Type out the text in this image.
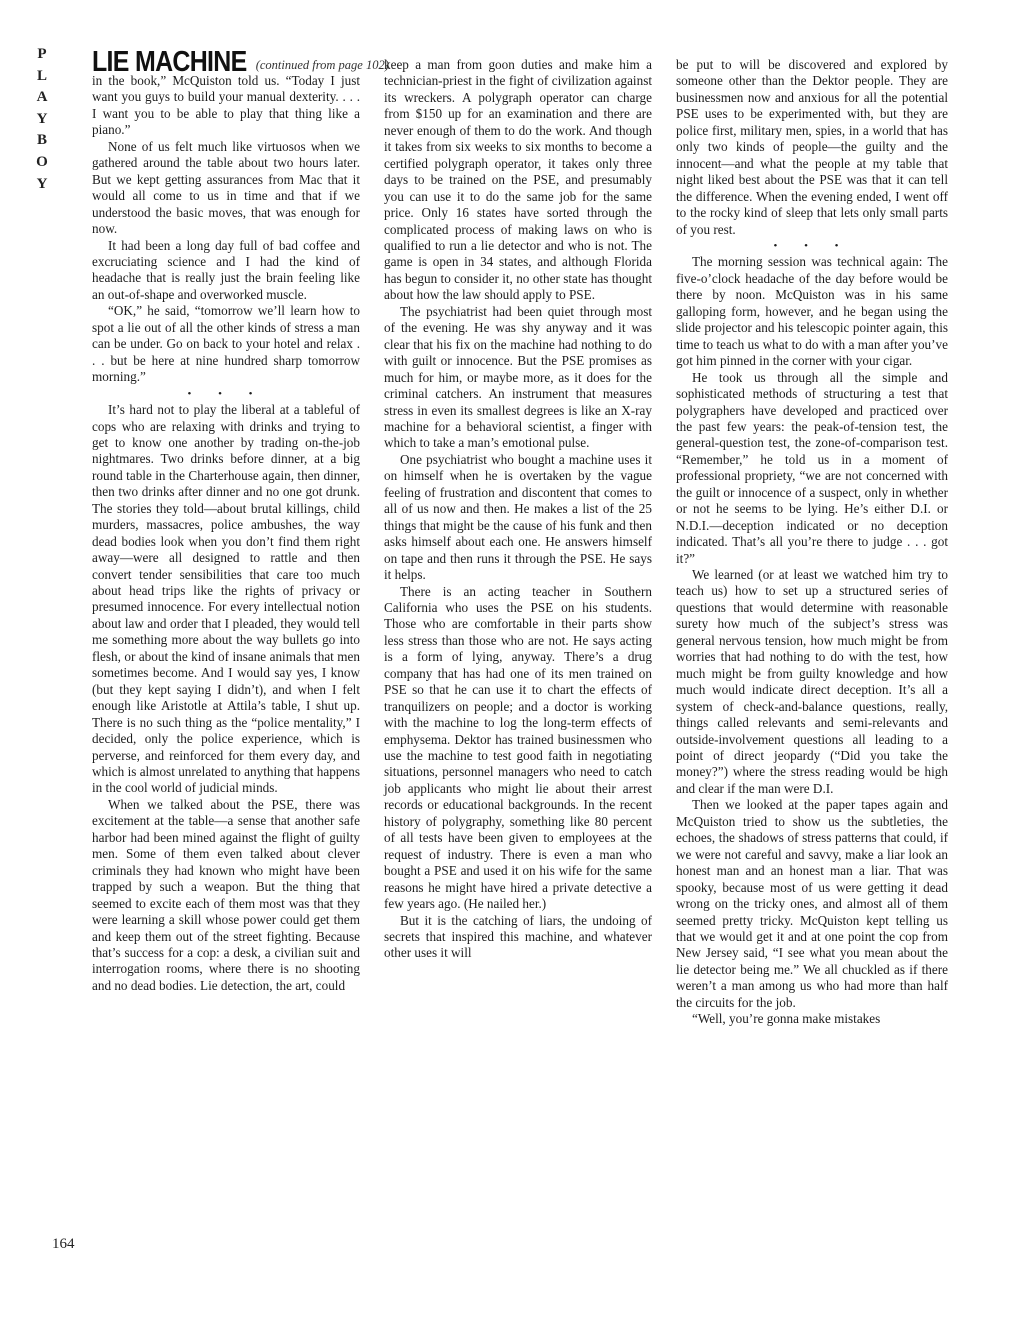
P
L
A
Y
B
O
Y
LIE MACHINE (continued from page 102)

in the book,” McQuiston told us. “Today I just want you guys to build your manual dexterity. . . . I want you to be able to play that thing like a piano.”

None of us felt much like virtuosos when we gathered around the table about two hours later. But we kept getting assurances from Mac that it would all come to us in time and that if we understood the basic moves, that was enough for now.

It had been a long day full of bad coffee and excruciating science and I had the kind of headache that is really just the brain feeling like an out-of-shape and overworked muscle.

“OK,” he said, “tomorrow we’ll learn how to spot a lie out of all the other kinds of stress a man can be under. Go on back to your hotel and relax . . . but be here at nine hundred sharp tomorrow morning.”

• • •

It’s hard not to play the liberal at a tableful of cops who are relaxing with drinks and trying to get to know one another by trading on-the-job nightmares. Two drinks before dinner, at a big round table in the Charterhouse again, then dinner, then two drinks after dinner and no one got drunk. The stories they told—about brutal killings, child murders, massacres, police ambushes, the way dead bodies look when you don’t find them right away—were all designed to rattle and then convert tender sensibilities that care too much about head trips like the rights of privacy or presumed innocence. For every intellectual notion about law and order that I pleaded, they would tell me something more about the way bullets go into flesh, or about the kind of insane animals that men sometimes become. And I would say yes, I know (but they kept saying I didn’t), and when I felt enough like Aristotle at Attila’s table, I shut up. There is no such thing as the “police mentality,” I decided, only the police experience, which is perverse, and reinforced for them every day, and which is almost unrelated to anything that happens in the cool world of judicial minds.

When we talked about the PSE, there was excitement at the table—a sense that another safe harbor had been mined against the flight of guilty men. Some of them even talked about clever criminals they had known who might have been trapped by such a weapon. But the thing that seemed to excite each of them most was that they were learning a skill whose power could get them and keep them out of the street fighting. Because that’s success for a cop: a desk, a civilian suit and interrogation rooms, where there is no shooting and no dead bodies. Lie detection, the art, could

keep a man from goon duties and make him a technician-priest in the fight of civilization against its wreckers. A polygraph operator can charge from $150 up for an examination and there are never enough of them to do the work. And though it takes from six weeks to six months to become a certified polygraph operator, it takes only three days to be trained on the PSE, and presumably you can use it to do the same job for the same price. Only 16 states have sorted through the complicated process of making laws on who is qualified to run a lie detector and who is not. The game is open in 34 states, and although Florida has begun to consider it, no other state has thought about how the law should apply to PSE.

The psychiatrist had been quiet through most of the evening. He was shy anyway and it was clear that his fix on the machine had nothing to do with guilt or innocence. But the PSE promises as much for him, or maybe more, as it does for the criminal catchers. An instrument that measures stress in even its smallest degrees is like an X-ray machine for a behavioral scientist, a finger with which to take a man’s emotional pulse.

One psychiatrist who bought a machine uses it on himself when he is overtaken by the vague feeling of frustration and discontent that comes to all of us now and then. He makes a list of the 25 things that might be the cause of his funk and then asks himself about each one. He answers himself on tape and then runs it through the PSE. He says it helps.

There is an acting teacher in Southern California who uses the PSE on his students. Those who are comfortable in their parts show less stress than those who are not. He says acting is a form of lying, anyway. There’s a drug company that has had one of its men trained on PSE so that he can use it to chart the effects of tranquilizers on people; and a doctor is working with the machine to log the long-term effects of emphysema. Dektor has trained businessmen who use the machine to test good faith in negotiating situations, personnel managers who need to catch job applicants who might lie about their arrest records or educational backgrounds. In the recent history of polygraphy, something like 80 percent of all tests have been given to employees at the request of industry. There is even a man who bought a PSE and used it on his wife for the same reasons he might have hired a private detective a few years ago. (He nailed her.)

But it is the catching of liars, the undoing of secrets that inspired this machine, and whatever other uses it will

be put to will be discovered and explored by someone other than the Dektor people. They are businessmen now and anxious for all the potential PSE uses to be experimented with, but they are police first, military men, spies, in a world that has only two kinds of people—the guilty and the innocent—and what the people at my table that night liked best about the PSE was that it can tell the difference. When the evening ended, I went off to the rocky kind of sleep that lets only small parts of you rest.

• • •

The morning session was technical again: The five-o’clock headache of the day before would be there by noon. McQuiston was in his same galloping form, however, and he began using the slide projector and his telescopic pointer again, this time to teach us what to do with a man after you’ve got him pinned in the corner with your cigar.

He took us through all the simple and sophisticated methods of structuring a test that polygraphers have developed and practiced over the past few years: the peak-of-tension test, the general-question test, the zone-of-comparison test. “Remember,” he told us in a moment of professional propriety, “we are not concerned with the guilt or innocence of a suspect, only in whether or not he seems to be lying. He’s either D.I. or N.D.I.—deception indicated or no deception indicated. That’s all you’re there to judge . . . got it?”

We learned (or at least we watched him try to teach us) how to set up a structured series of questions that would determine with reasonable surety how much of the subject’s stress was general nervous tension, how much might be from worries that had nothing to do with the test, how much might be from guilty knowledge and how much would indicate direct deception. It’s all a system of check-and-balance questions, really, things called relevants and semi-relevants and outside-involvement questions all leading to a point of direct jeopardy (“Did you take the money?”) where the stress reading would be high and clear if the man were D.I.

Then we looked at the paper tapes again and McQuiston tried to show us the subtleties, the echoes, the shadows of stress patterns that could, if we were not careful and savvy, make a liar look an honest man and an honest man a liar. That was spooky, because most of us were getting it dead wrong on the tricky ones, and almost all of them seemed pretty tricky. McQuiston kept telling us that we would get it and at one point the cop from New Jersey said, “I see what you mean about the lie detector being me.” We all chuckled as if there weren’t a man among us who had more than half the circuits for the job.

“Well, you’re gonna make mistakes

164
